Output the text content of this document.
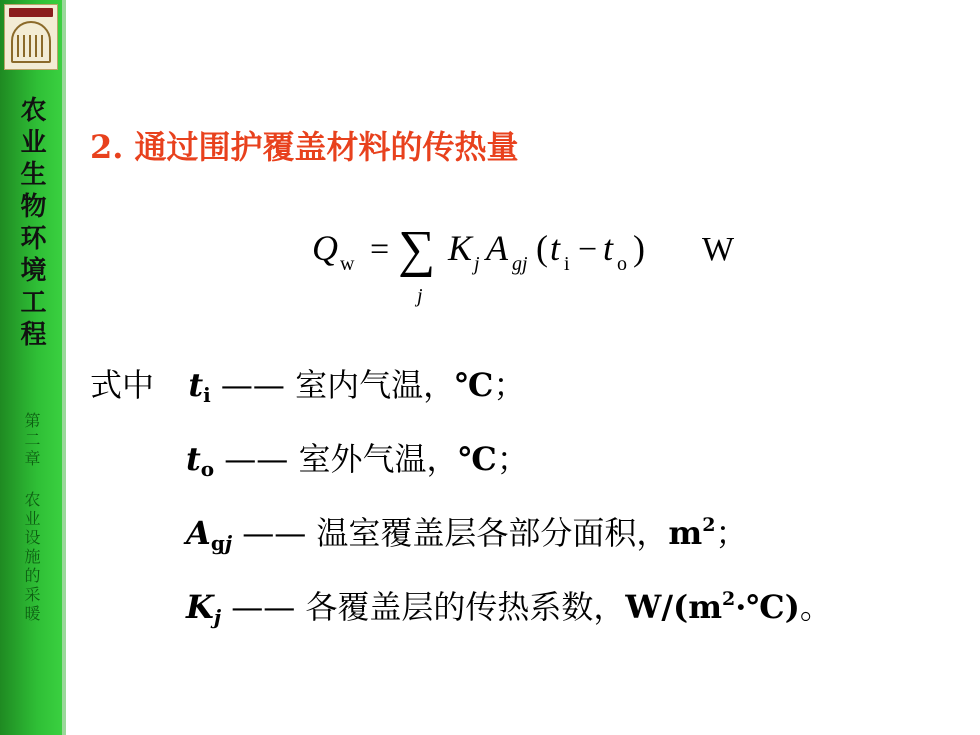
农业生物环境工程
第二章 农业设施的采暖
2. 通过围护覆盖材料的传热量
Q w = ∑
j
K j A gj ( t i − t o ) W
式中 $t_i$ —— 室内气温，℃；
$t_o$ —— 室外气温，℃；
$A_gj$ —— 温室覆盖层各部分面积，$m^2$；
Kj —— 各覆盖层的传热系数，$W/(m^2\cdot℃)$。
